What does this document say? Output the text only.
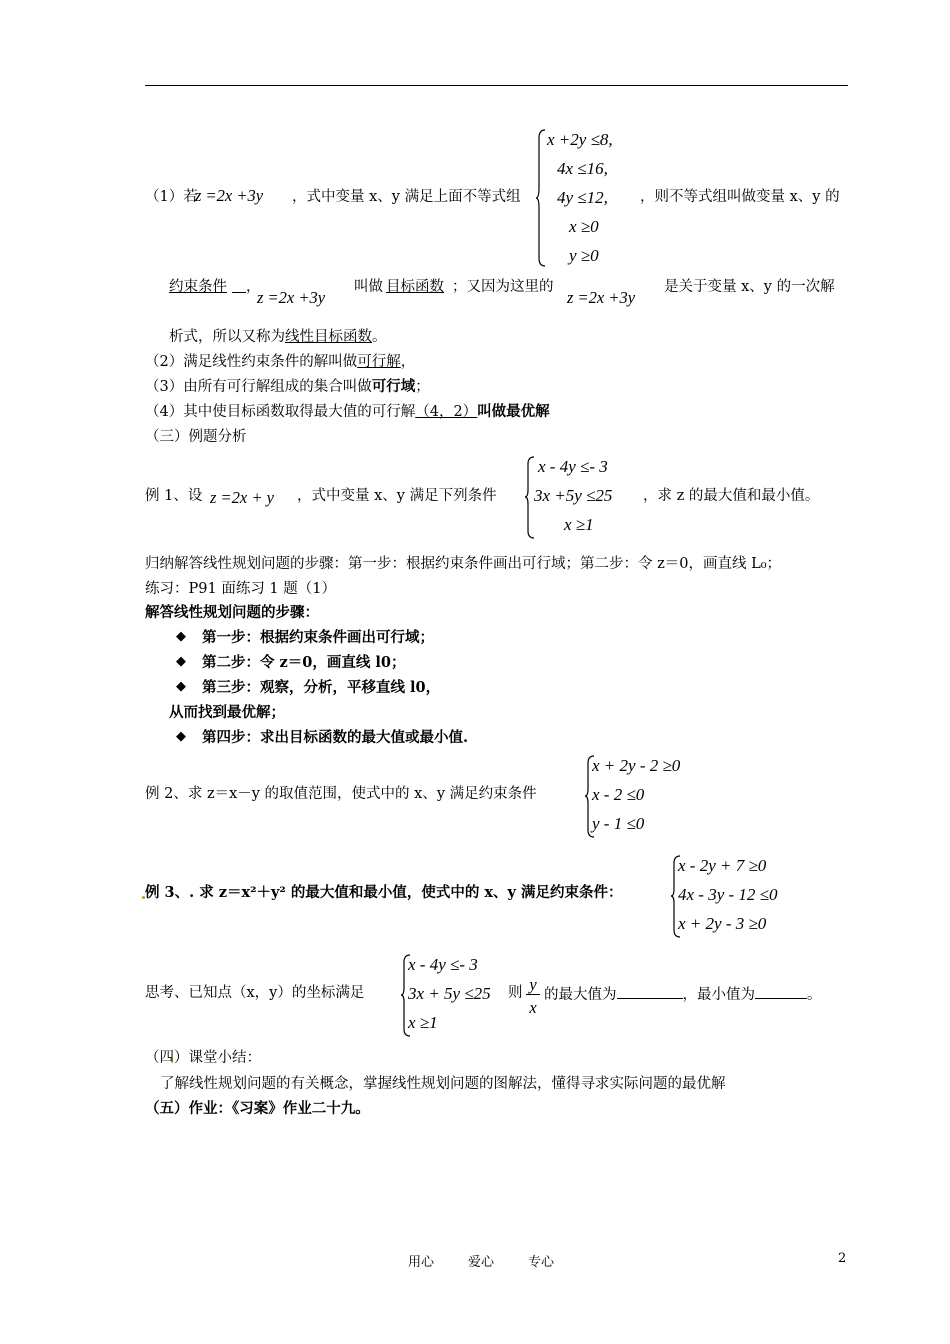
（1）若
z =2x +3y ，式中变量 x、y 满足上面不等式组
x +2y ≤8,
4x ≤16,
4y ≤12,
x ≥0
y ≥0
，则不等式组叫做变量 x、y 的
约束条件 ，
z =2x +3y
叫做 目标函数 ；又因为这里的
z =2x +3y
是关于变量 x、y 的一次解
析式，所以又称为线性目标函数。
（2）满足线性约束条件的解叫做可行解，
（3）由所有可行解组成的集合叫做可行域；
（4）其中使目标函数取得最大值的可行解（4，2）叫做最优解
（三）例题分析
例 1、设 z =2x + y ，式中变量 x、y 满足下列条件
x - 4y ≤- 3
3x +5y ≤25
x ≥1
，求 z 的最大值和最小值。
归纳解答线性规划问题的步骤：第一步：根据约束条件画出可行域；第二步：令 z＝0，画直线 L₀；
练习：P91 面练习 1 题（1）
解答线性规划问题的步骤：
◆ 第一步：根据约束条件画出可行域；
◆ 第二步：令 z＝0，画直线 l0；
◆ 第三步：观察，分析，平移直线 l0，
从而找到最优解；
◆ 第四步：求出目标函数的最大值或最小值.
例 2、求 z＝x－y 的取值范围，使式中的 x、y 满足约束条件
x + 2y - 2 ≥0
x - 2 ≤0
y - 1 ≤0
例 3、. 求 z＝x²＋y² 的最大值和最小值，使式中的 x、y 满足约束条件：
x - 2y + 7 ≥0
4x - 3y - 12 ≤0
x + 2y - 3 ≥0
思考、已知点（x，y）的坐标满足
x - 4y ≤- 3
3x + 5y ≤25
x ≥1
则 y
x
的最大值为	，最小值为	。
（四）课堂小结：
了解线性规划问题的有关概念，掌握线性规划问题的图解法，懂得寻求实际问题的最优解
（五）作业：《习案》作业二十九。
用心	爱心	专心	2
